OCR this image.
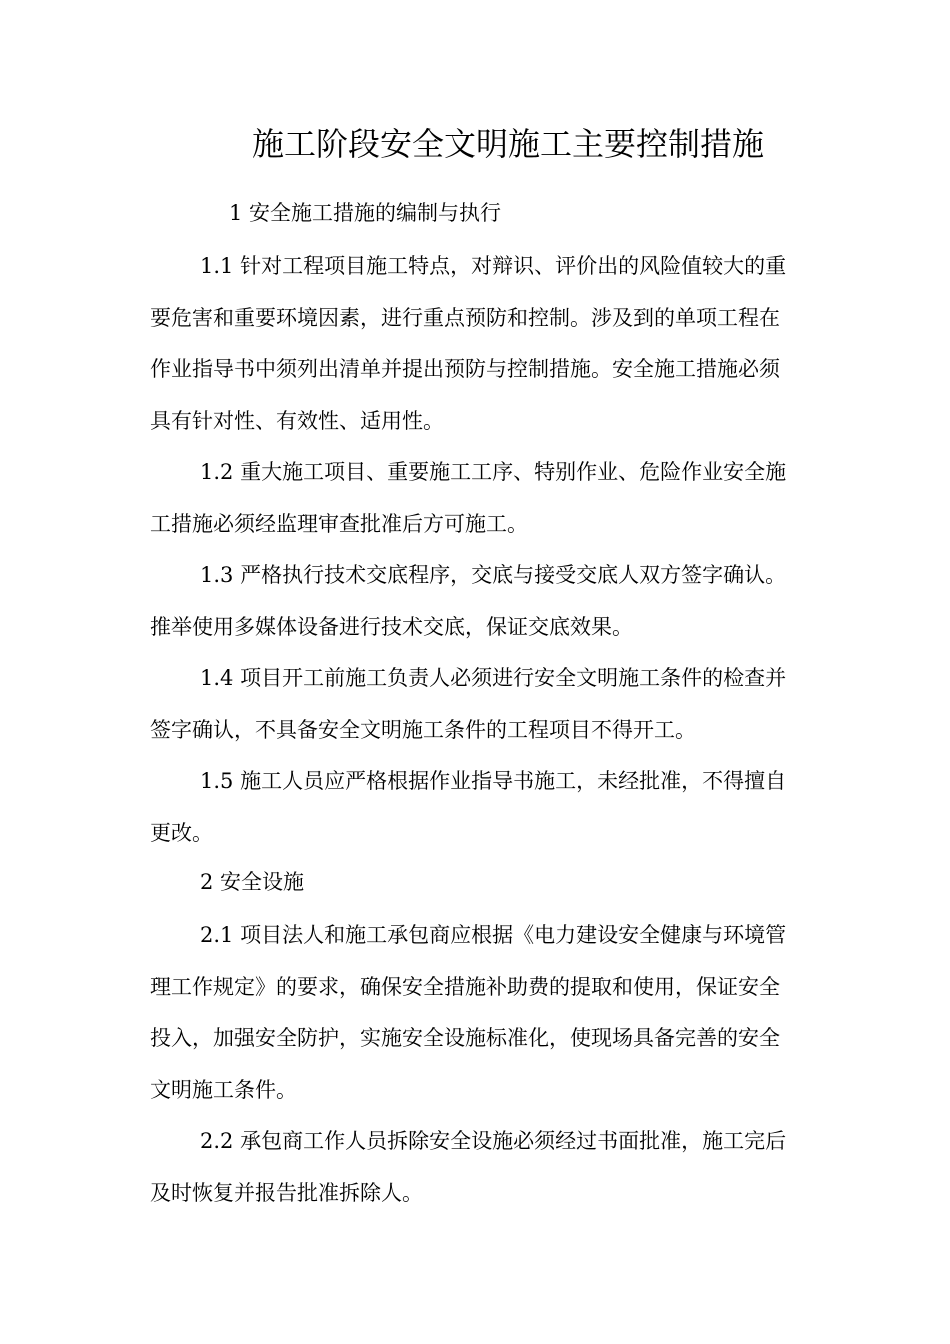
施工阶段安全文明施工主要控制措施
1 安全施工措施的编制与执行

1.1 针对工程项目施工特点，对辩识、评价出的风险值较大的重要危害和重要环境因素，进行重点预防和控制。涉及到的单项工程在作业指导书中须列出清单并提出预防与控制措施。安全施工措施必须具有针对性、有效性、适用性。

1.2 重大施工项目、重要施工工序、特别作业、危险作业安全施工措施必须经监理审查批准后方可施工。

1.3 严格执行技术交底程序，交底与接受交底人双方签字确认。推举使用多媒体设备进行技术交底，保证交底效果。

1.4 项目开工前施工负责人必须进行安全文明施工条件的检查并签字确认，不具备安全文明施工条件的工程项目不得开工。

1.5 施工人员应严格根据作业指导书施工，未经批准，不得擅自更改。

2 安全设施

2.1 项目法人和施工承包商应根据《电力建设安全健康与环境管理工作规定》的要求，确保安全措施补助费的提取和使用，保证安全投入，加强安全防护，实施安全设施标准化，使现场具备完善的安全文明施工条件。

2.2 承包商工作人员拆除安全设施必须经过书面批准，施工完后及时恢复并报告批准拆除人。
